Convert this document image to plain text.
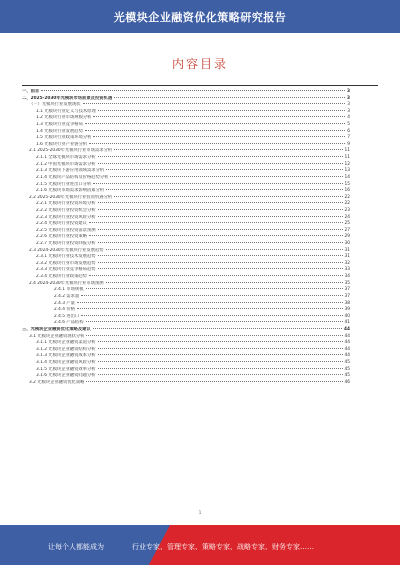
光模块企业融资优化策略研究报告
内容目录
一、前言	3
二、2025-2030年光模块市场前景及投资机遇	3
（一）光模块行业发展现状	3
1.1 光模块行业定义与技术原理	3
1.2 光模块行业市场规模分析	4
1.3 光模块行业竞争格局	5
1.4 光模块行业发展趋势	6
1.5 光模块行业政策环境分析	7
1.6 光模块行业产业链分析	9
2.1 2025-2030年光模块行业市场需求分析	11
2.1.1 全球光模块市场需求分析	11
2.1.2 中国光模块市场需求分析	12
2.1.3 光模块下游应用领域需求分析	13
2.1.4 光模块产品结构及价格趋势分析	14
2.1.5 光模块行业进出口分析	15
2.1.6 光模块市场需求影响因素分析	16
2.2 2025-2030年光模块行业投资机遇分析	22
2.2.1 光模块行业投资环境分析	22
2.2.2 光模块行业投资机会分析	23
2.2.3 光模块行业投资风险分析	24
2.2.4 光模块行业投资建议	25
2.2.5 光模块行业投资前景预测	27
2.2.6 光模块行业投资策略	29
2.2.7 光模块行业投资回报分析	30
2.3 2024-2030年光模块行业发展趋势	31
2.3.1 光模块行业技术发展趋势	31
2.3.2 光模块行业市场发展趋势	32
2.3.3 光模块行业竞争格局趋势	33
2.3.4 光模块行业政策趋势	34
2.4 2024-2030年光模块行业市场预测	35
2.4.1 市场规模	37
2.4.2 需求量	37
2.4.3 产量	38
2.4.4 价格	39
2.4.5 进出口	40
2.4.6 产品结构	41
三、光模块企业融资优化策略及建议	44
3.1 光模块企业融资现状分析	44
3.1.1 光模块企业融资渠道分析	44
3.1.2 光模块企业融资结构分析	44
3.1.3 光模块企业融资成本分析	44
3.1.4 光模块企业融资风险分析	45
3.1.5 光模块企业融资效率分析	45
3.1.6 光模块企业融资问题分析	45
3.2 光模块企业融资优化策略	46
1
让每个人都能成为	行业专家、管理专家、策略专家、战略专家、财务专家……
